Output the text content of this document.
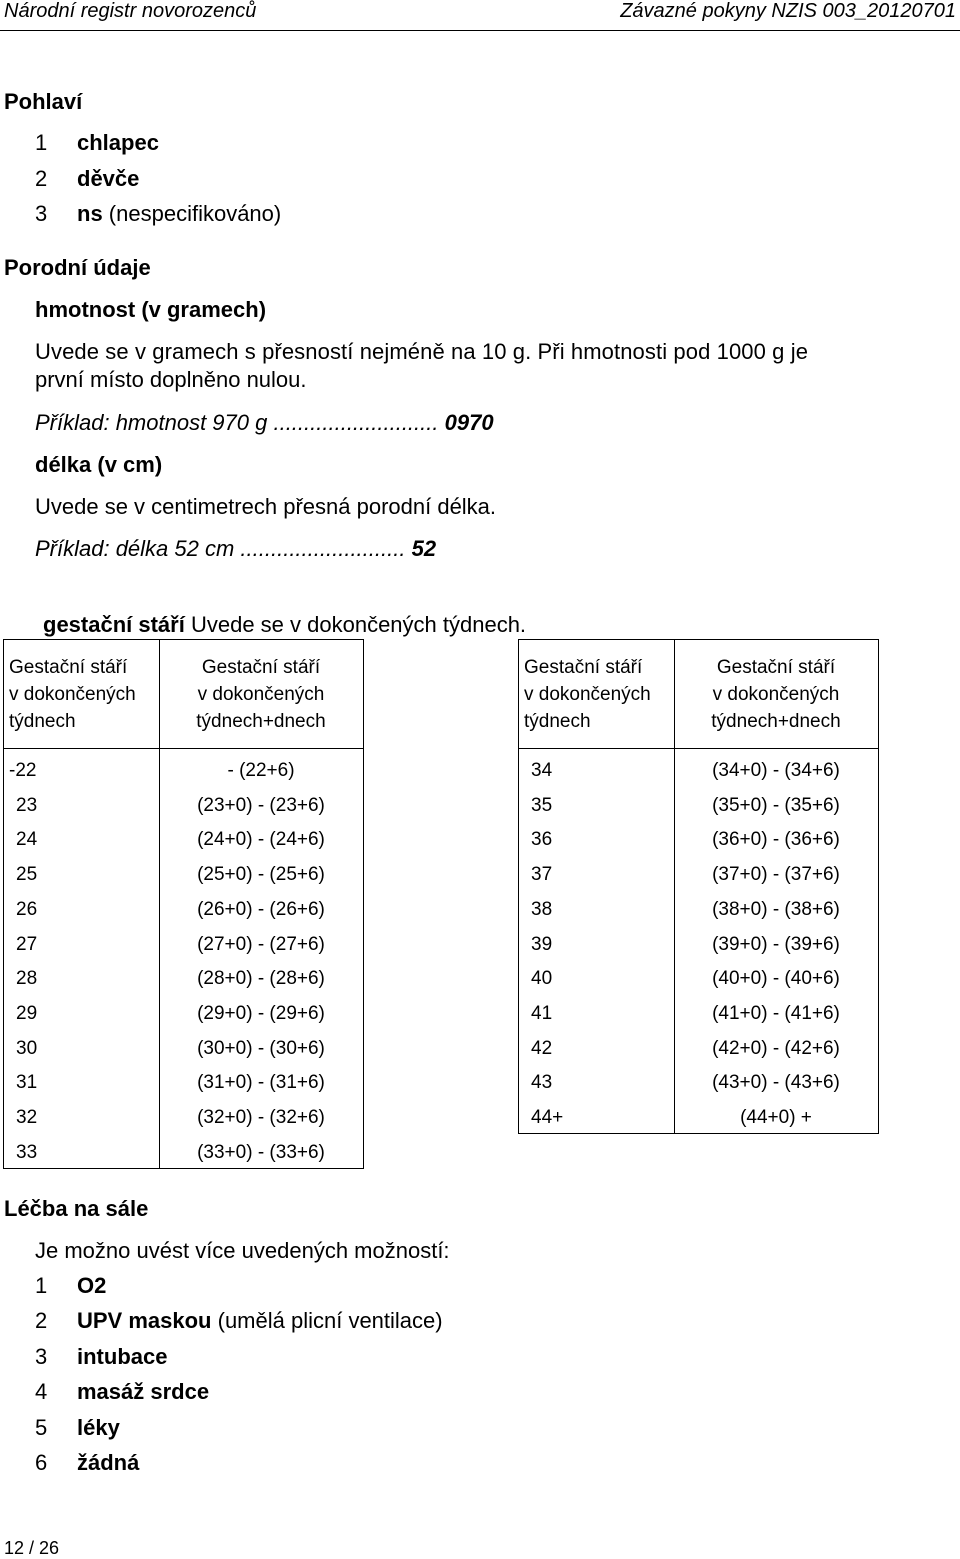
Národní registr novorozenců	Závazné pokyny NZIS 003_20120701
Pohlaví
1 chlapec
2 děvče
3 ns (nespecifikováno)
Porodní údaje
hmotnost (v gramech)
Uvede se v gramech s přesností nejméně na 10 g. Při hmotnosti pod 1000 g je
první místo doplněno nulou.
Příklad: hmotnost 970 g ........................... 0970
délka (v cm)
Uvede se v centimetrech přesná porodní délka.
Příklad: délka 52 cm ........................... 52
gestační stáří Uvede se v dokončených týdnech.
Gestační stáří
v dokončených
týdnech
Gestační stáří
v dokončených
týdnech+dnech
-22	- (22+6)
23	(23+0) - (23+6)
24	(24+0) - (24+6)
25	(25+0) - (25+6)
26	(26+0) - (26+6)
27	(27+0) - (27+6)
28	(28+0) - (28+6)
29	(29+0) - (29+6)
30	(30+0) - (30+6)
31	(31+0) - (31+6)
32	(32+0) - (32+6)
33	(33+0) - (33+6)
Gestační stáří
v dokončených
týdnech
Gestační stáří
v dokončených
týdnech+dnech
34	(34+0) - (34+6)
35	(35+0) - (35+6)
36	(36+0) - (36+6)
37	(37+0) - (37+6)
38	(38+0) - (38+6)
39	(39+0) - (39+6)
40	(40+0) - (40+6)
41	(41+0) - (41+6)
42	(42+0) - (42+6)
43	(43+0) - (43+6)
44+	(44+0) +
Léčba na sále
Je možno uvést více uvedených možností:
1 O2
2 UPV maskou (umělá plicní ventilace)
3 intubace
4 masáž srdce
5 léky
6 žádná
12 / 26
